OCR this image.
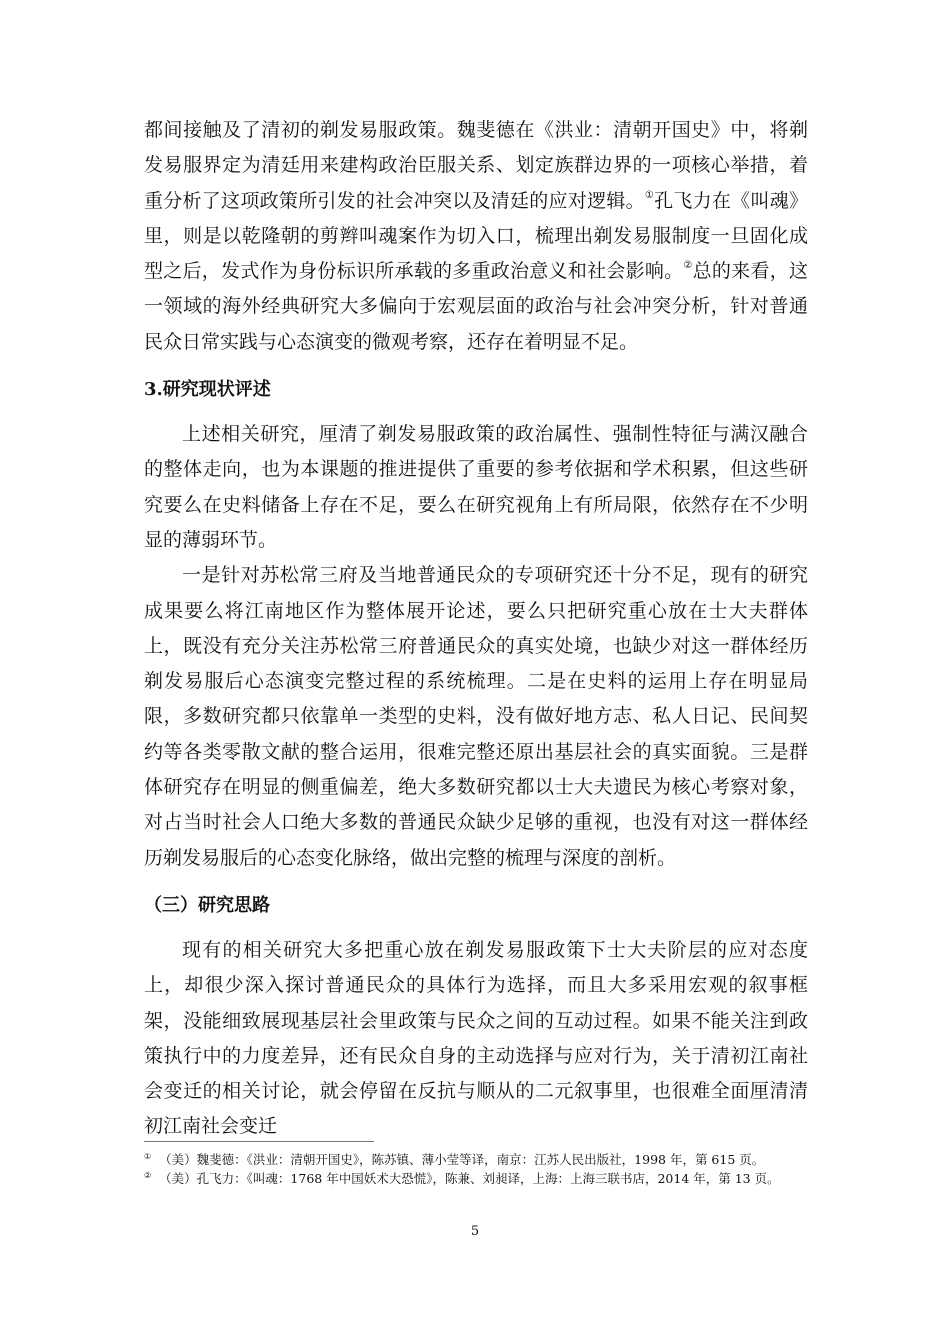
都间接触及了清初的剃发易服政策。魏斐德在《洪业：清朝开国史》中，将剃发易服界定为清廷用来建构政治臣服关系、划定族群边界的一项核心举措，着重分析了这项政策所引发的社会冲突以及清廷的应对逻辑。①孔飞力在《叫魂》里，则是以乾隆朝的剪辫叫魂案作为切入口，梳理出剃发易服制度一旦固化成型之后，发式作为身份标识所承载的多重政治意义和社会影响。②总的来看，这一领域的海外经典研究大多偏向于宏观层面的政治与社会冲突分析，针对普通民众日常实践与心态演变的微观考察，还存在着明显不足。

3.研究现状评述

上述相关研究，厘清了剃发易服政策的政治属性、强制性特征与满汉融合的整体走向，也为本课题的推进提供了重要的参考依据和学术积累，但这些研究要么在史料储备上存在不足，要么在研究视角上有所局限，依然存在不少明显的薄弱环节。

一是针对苏松常三府及当地普通民众的专项研究还十分不足，现有的研究成果要么将江南地区作为整体展开论述，要么只把研究重心放在士大夫群体上，既没有充分关注苏松常三府普通民众的真实处境，也缺少对这一群体经历剃发易服后心态演变完整过程的系统梳理。二是在史料的运用上存在明显局限，多数研究都只依靠单一类型的史料，没有做好地方志、私人日记、民间契约等各类零散文献的整合运用，很难完整还原出基层社会的真实面貌。三是群体研究存在明显的侧重偏差，绝大多数研究都以士大夫遗民为核心考察对象，对占当时社会人口绝大多数的普通民众缺少足够的重视，也没有对这一群体经历剃发易服后的心态变化脉络，做出完整的梳理与深度的剖析。

（三）研究思路

现有的相关研究大多把重心放在剃发易服政策下士大夫阶层的应对态度上，却很少深入探讨普通民众的具体行为选择，而且大多采用宏观的叙事框架，没能细致展现基层社会里政策与民众之间的互动过程。如果不能关注到政策执行中的力度差异，还有民众自身的主动选择与应对行为，关于清初江南社会变迁的相关讨论，就会停留在反抗与顺从的二元叙事里，也很难全面厘清清初江南社会变迁

① （美）魏斐德：《洪业：清朝开国史》，陈苏镇、薄小莹等译，南京：江苏人民出版社，1998 年，第 615 页。

② （美）孔飞力：《叫魂：1768 年中国妖术大恐慌》，陈兼、刘昶译，上海：上海三联书店，2014 年，第 13 页。

5
